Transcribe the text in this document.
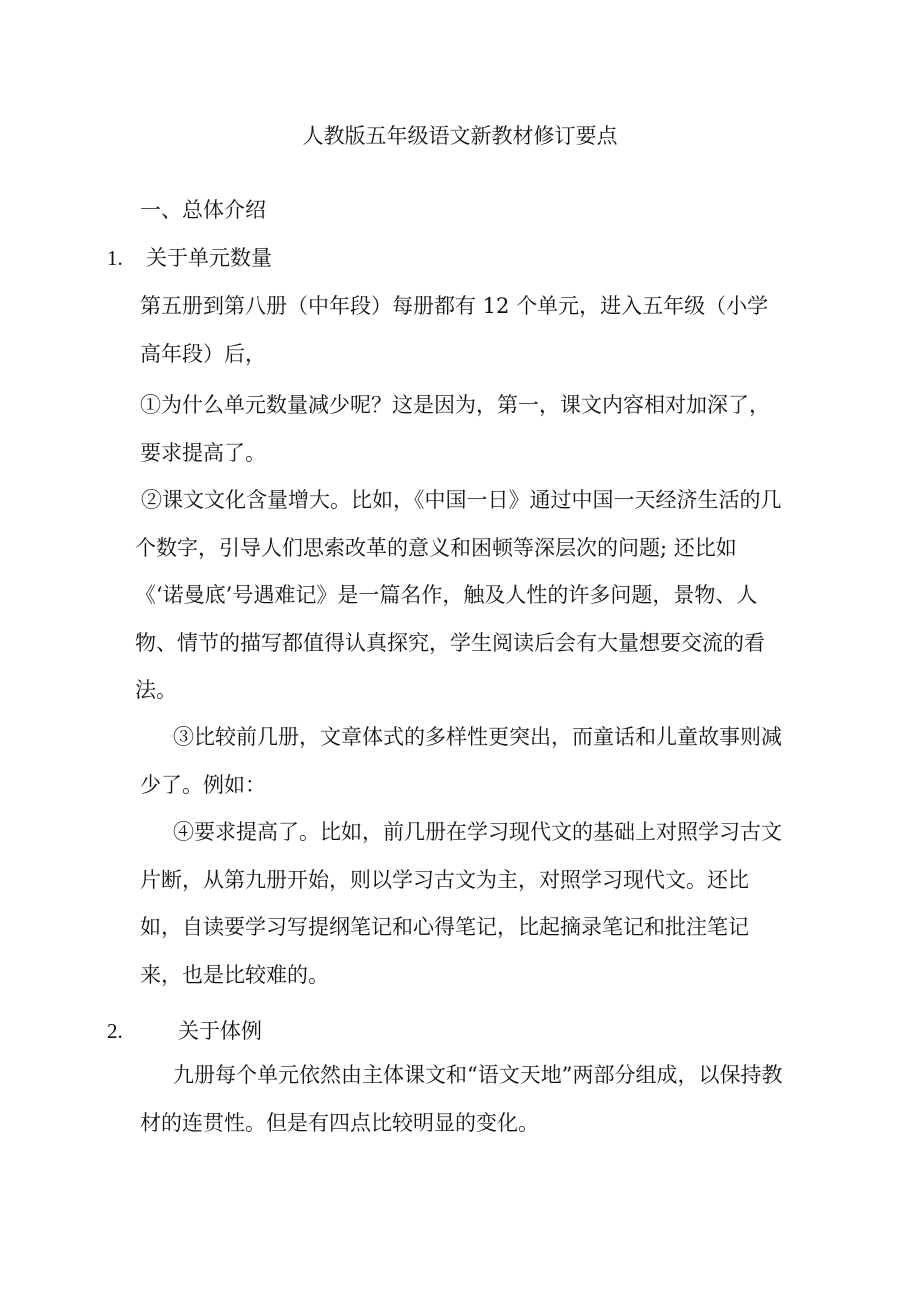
人教版五年级语文新教材修订要点
一、总体介绍
1. 关于单元数量
第五册到第八册（中年段）每册都有 12 个单元，进入五年级（小学
高年段）后，
①为什么单元数量减少呢？这是因为，第一，课文内容相对加深了，要求提高了。
②课文文化含量增大。比如，《中国一日》通过中国一天经济生活的几个数字，引导人们思索改革的意义和困顿等深层次的问题; 还比如《‘诺曼底’号遇难记》是一篇名作，触及人性的许多问题，景物、人物、情节的描写都值得认真探究，学生阅读后会有大量想要交流的看法。
③比较前几册，文章体式的多样性更突出，而童话和儿童故事则减少了。例如：
④要求提高了。比如，前几册在学习现代文的基础上对照学习古文片断，从第九册开始，则以学习古文为主，对照学习现代文。还比如，自读要学习写提纲笔记和心得笔记，比起摘录笔记和批注笔记来，也是比较难的。
2.	关于体例
九册每个单元依然由主体课文和“语文天地”两部分组成，以保持教材的连贯性。但是有四点比较明显的变化。
